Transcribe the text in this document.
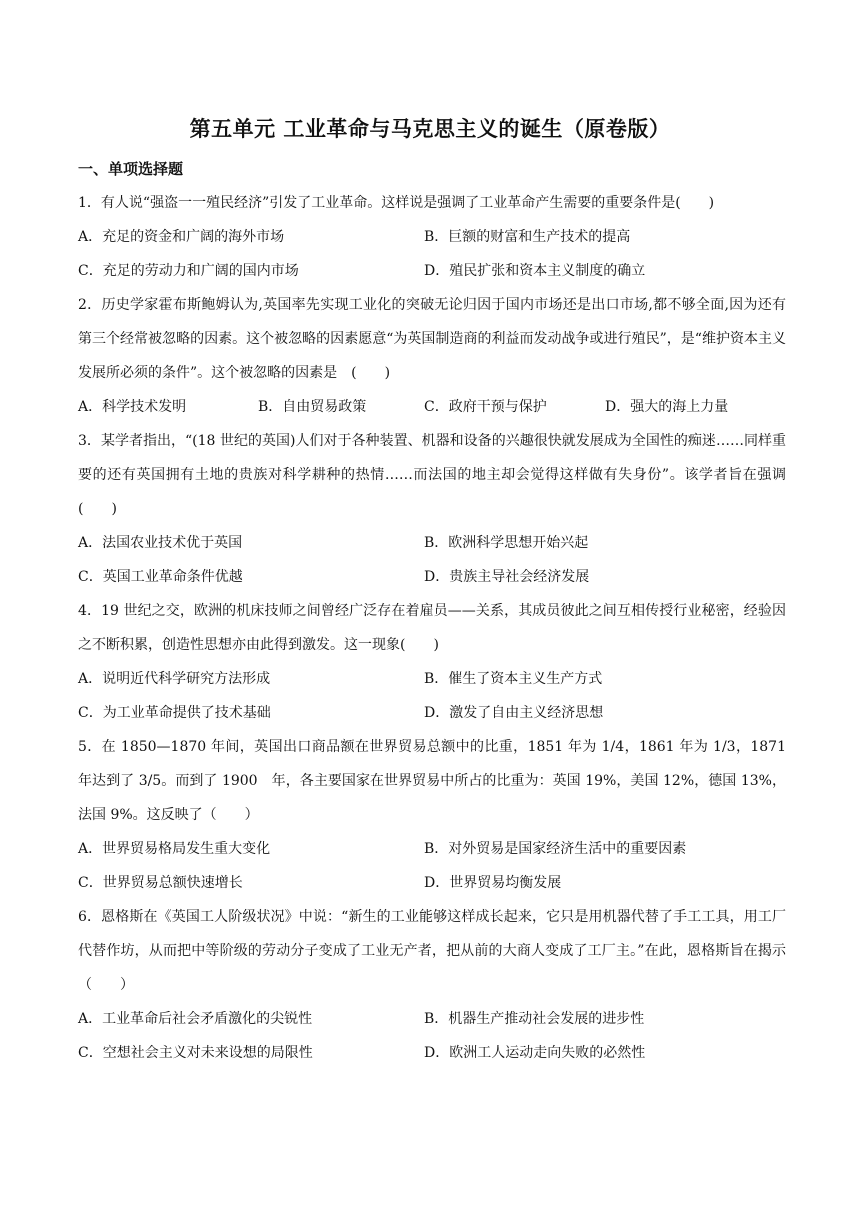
第五单元 工业革命与马克思主义的诞生（原卷版）
一、单项选择题

1．有人说“强盗一一殖民经济”引发了工业革命。这样说是强调了工业革命产生需要的重要条件是(　　)

A．充足的资金和广阔的海外市场	B．巨额的财富和生产技术的提高
C．充足的劳动力和广阔的国内市场	D．殖民扩张和资本主义制度的确立

2．历史学家霍布斯鲍姆认为,英国率先实现工业化的突破无论归因于国内市场还是出口市场,都不够全面,因为还有第三个经常被忽略的因素。这个被忽略的因素愿意“为英国制造商的利益而发动战争或进行殖民”，是“维护资本主义发展所必须的条件”。这个被忽略的因素是　(　　)

A．科学技术发明	B．自由贸易政策	C．政府干预与保护	D．强大的海上力量

3．某学者指出，“(18 世纪的英国)人们对于各种装置、机器和设备的兴趣很快就发展成为全国性的痴迷……同样重要的还有英国拥有土地的贵族对科学耕种的热情……而法国的地主却会觉得这样做有失身份”。该学者旨在强调 (　　)

A．法国农业技术优于英国	B．欧洲科学思想开始兴起
C．英国工业革命条件优越	D．贵族主导社会经济发展

4．19 世纪之交，欧洲的机床技师之间曾经广泛存在着雇员——关系，其成员彼此之间互相传授行业秘密，经验因之不断积累，创造性思想亦由此得到激发。这一现象(　　)

A．说明近代科学研究方法形成	B．催生了资本主义生产方式
C．为工业革命提供了技术基础	D．激发了自由主义经济思想

5．在 1850—1870 年间，英国出口商品额在世界贸易总额中的比重，1851 年为 1/4，1861 年为 1/3，1871 年达到了 3/5。而到了 1900　年，各主要国家在世界贸易中所占的比重为：英国 19%，美国 12%，德国 13%，法国 9%。这反映了（　　）

A．世界贸易格局发生重大变化	B．对外贸易是国家经济生活中的重要因素
C．世界贸易总额快速增长	D．世界贸易均衡发展

6．恩格斯在《英国工人阶级状况》中说：“新生的工业能够这样成长起来，它只是用机器代替了手工工具，用工厂代替作坊，从而把中等阶级的劳动分子变成了工业无产者，把从前的大商人变成了工厂主。”在此，恩格斯旨在揭示（　　）

A．工业革命后社会矛盾激化的尖锐性	B．机器生产推动社会发展的进步性
C．空想社会主义对未来设想的局限性	D．欧洲工人运动走向失败的必然性
